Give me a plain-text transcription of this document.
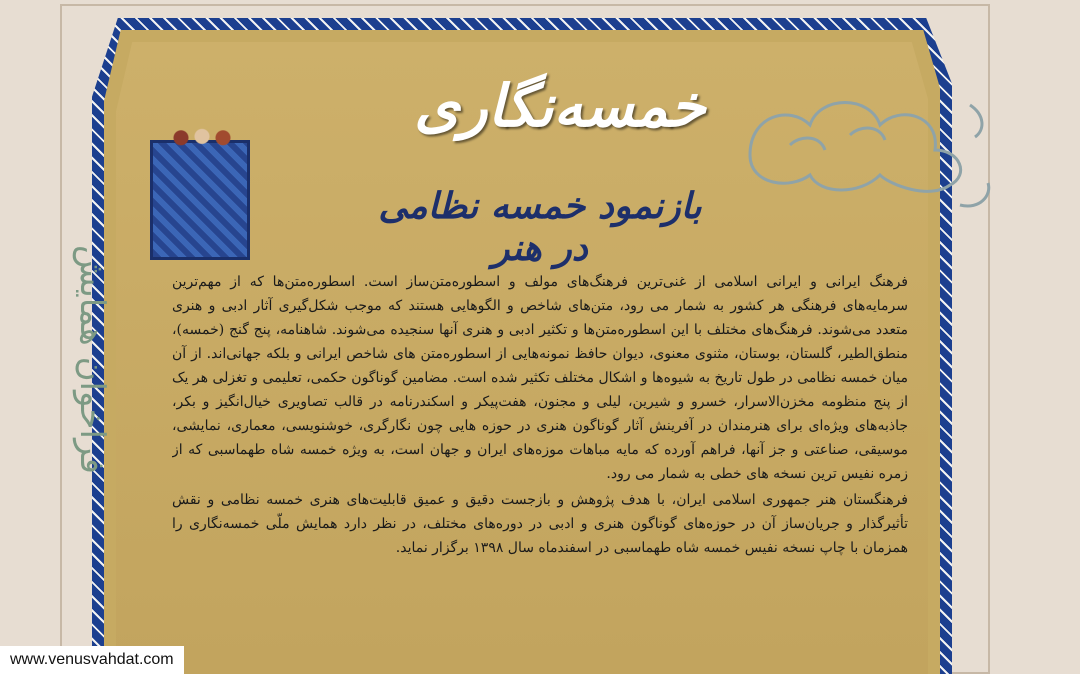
فراخوان همایش
خمسه‌نگاری
بازنمود خمسه نظامی در هنر

فرهنگ ایرانی و ایرانی اسلامی از غنی‌ترین فرهنگ‌های مولف و اسطوره‌متن‌ساز است. اسطوره‌متن‌ها که از مهم‌ترین سرمایه‌های فرهنگی هر کشور به شمار می رود، متن‌های شاخص و الگوهایی هستند که موجب شکل‌گیری آثار ادبی و هنری متعدد می‌شوند. فرهنگ‌های مختلف با این اسطوره‌متن‌ها و تکثیر ادبی و هنری آنها سنجیده می‌شوند. شاهنامه، پنج گنج (خمسه)، منطق‌الطیر، گلستان، بوستان، مثنوی معنوی، دیوان حافظ نمونه‌هایی از اسطوره‌متن های شاخص ایرانی و بلکه جهانی‌اند. از آن میان خمسه نظامی در طول تاریخ به شیوه‌ها و اشکال مختلف تکثیر شده است. مضامین گوناگون حکمی، تعلیمی و تغزلی هر یک از پنج منظومه مخزن‌الاسرار، خسرو و شیرین، لیلی و مجنون، هفت‌پیکر و اسکندرنامه در قالب تصاویری خیال‌انگیز و بکر، جاذبه‌های ویژه‌ای برای هنرمندان در آفرینش آثار گوناگون هنری در حوزه هایی چون نگارگری، خوشنویسی، معماری، نمایشی، موسیقی، صناعتی و جز آنها، فراهم آورده که مایه مباهات موزه‌های ایران و جهان است، به ویژه خمسه شاه طهماسبی که از زمره نفیس ترین نسخه های خطی به شمار می رود.

فرهنگستان هنر جمهوری اسلامی ایران، با هدف پژوهش و بازجست دقیق و عمیق قابلیت‌های هنری خمسه نظامی و نقش تأثیرگذار و جریان‌ساز آن در حوزه‌های گوناگون هنری و ادبی در دوره‌های مختلف، در نظر دارد همایش ملّی خمسه‌نگاری را همزمان با چاپ نسخه نفیس خمسه شاه طهماسبی در اسفندماه سال ۱۳۹۸ برگزار نماید.

www.venusvahdat.com
